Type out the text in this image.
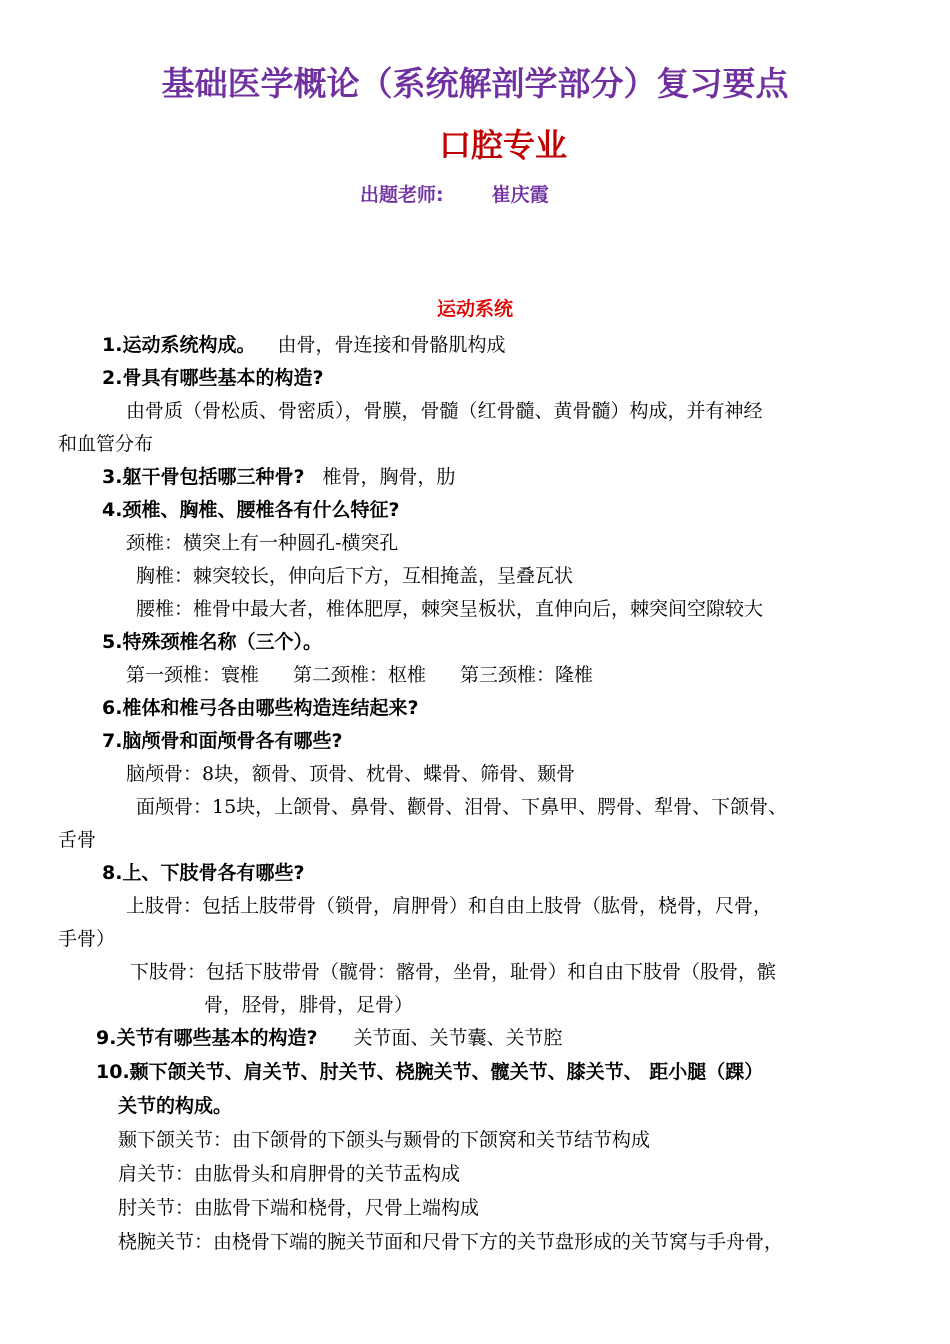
基础医学概论（系统解剖学部分）复习要点
口腔专业
出题老师:	崔庆霞
运动系统
1.运动系统构成。 由骨，骨连接和骨骼肌构成
2.骨具有哪些基本的构造?
由骨质（骨松质、骨密质），骨膜，骨髓（红骨髓、黄骨髓）构成，并有神经
和血管分布
3.躯干骨包括哪三种骨? 椎骨，胸骨，肋
4.颈椎、胸椎、腰椎各有什么特征?
颈椎：横突上有一种圆孔-横突孔
胸椎：棘突较长，伸向后下方，互相掩盖，呈叠瓦状
腰椎：椎骨中最大者，椎体肥厚，棘突呈板状，直伸向后，棘突间空隙较大
5.特殊颈椎名称（三个）。
第一颈椎：寰椎 第二颈椎：枢椎 第三颈椎：隆椎
6.椎体和椎弓各由哪些构造连结起来?
7.脑颅骨和面颅骨各有哪些?
脑颅骨：8块，额骨、顶骨、枕骨、蝶骨、筛骨、颞骨
面颅骨：15块，上颌骨、鼻骨、颧骨、泪骨、下鼻甲、腭骨、犁骨、下颌骨、
舌骨
8.上、下肢骨各有哪些?
上肢骨：包括上肢带骨（锁骨，肩胛骨）和自由上肢骨（肱骨，桡骨，尺骨，
手骨）
下肢骨：包括下肢带骨（髋骨：髂骨，坐骨，耻骨）和自由下肢骨（股骨，髌
骨，胫骨，腓骨，足骨）
9.关节有哪些基本的构造? 关节面、关节囊、关节腔
10.颞下颌关节、肩关节、肘关节、桡腕关节、髋关节、膝关节、 距小腿（踝）
关节的构成。
颞下颌关节：由下颌骨的下颌头与颞骨的下颌窝和关节结节构成
肩关节：由肱骨头和肩胛骨的关节盂构成
肘关节：由肱骨下端和桡骨，尺骨上端构成
桡腕关节：由桡骨下端的腕关节面和尺骨下方的关节盘形成的关节窝与手舟骨，
